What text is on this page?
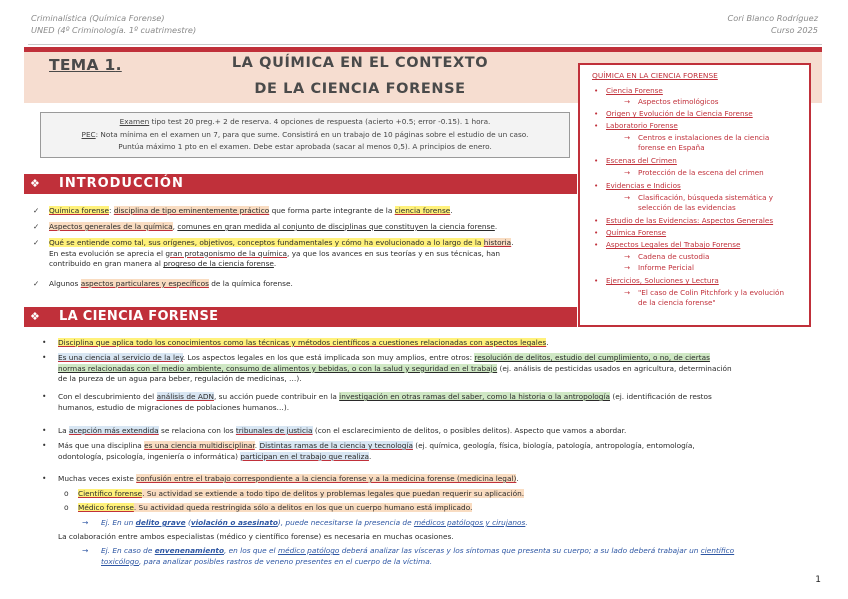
Criminalística (Química Forense)
UNED (4º Criminología. 1º cuatrimestre)
Cori Blanco Rodríguez
Curso 2025
TEMA 1.	LA QUÍMICA EN EL CONTEXTO
DE LA CIENCIA FORENSE
Examen tipo test 20 preg.+ 2 de reserva. 4 opciones de respuesta (acierto +0.5; error -0.15). 1 hora.
PEC: Nota mínima en el examen un 7, para que sume. Consistirá en un trabajo de 10 páginas sobre el estudio de un caso.
Puntúa máximo 1 pto en el examen. Debe estar aprobada (sacar al menos 0,5). A principios de enero.
❖ INTRODUCCIÓN
✓ Química forense: disciplina de tipo eminentemente práctico que forma parte integrante de la ciencia forense.
✓ Aspectos generales de la química, comunes en gran medida al conjunto de disciplinas que constituyen la ciencia forense.
✓ Qué se entiende como tal, sus orígenes, objetivos, conceptos fundamentales y cómo ha evolucionado a lo largo de la historia.
En esta evolución se aprecia el gran protagonismo de la química, ya que los avances en sus teorías y en sus técnicas, han
contribuido en gran manera al progreso de la ciencia forense.
✓ Algunos aspectos particulares y específicos de la química forense.
❖ LA CIENCIA FORENSE
• Disciplina que aplica todo los conocimientos como las técnicas y métodos científicos a cuestiones relacionadas con aspectos legales.
• Es una ciencia al servicio de la ley. Los aspectos legales en los que está implicada son muy amplios, entre otros: resolución de delitos, estudio del cumplimiento, o no, de ciertas
normas relacionadas con el medio ambiente, consumo de alimentos y bebidas, o con la salud y seguridad en el trabajo (ej. análisis de pesticidas usados en agricultura, determinación
de la pureza de un agua para beber, regulación de medicinas, …).
• Con el descubrimiento del análisis de ADN, su acción puede contribuir en la investigación en otras ramas del saber, como la historia o la antropología (ej. identificación de restos
humanos, estudio de migraciones de poblaciones humanos…).
• La acepción más extendida se relaciona con los tribunales de justicia (con el esclarecimiento de delitos, o posibles delitos). Aspecto que vamos a abordar.
• Más que una disciplina es una ciencia multidisciplinar. Distintas ramas de la ciencia y tecnología (ej. química, geología, física, biología, patología, antropología, entomología,
odontología, psicología, ingeniería o informática) participan en el trabajo que realiza.
• Muchas veces existe confusión entre el trabajo correspondiente a la ciencia forense y a la medicina forense (medicina legal).
o Científico forense. Su actividad se extiende a todo tipo de delitos y problemas legales que puedan requerir su aplicación.
o Médico forense. Su actividad queda restringida sólo a delitos en los que un cuerpo humano está implicado.
→ Ej. En un delito grave (violación o asesinato), puede necesitarse la presencia de médicos patólogos y cirujanos.
La colaboración entre ambos especialistas (médico y científico forense) es necesaria en muchas ocasiones.
→ Ej. En caso de envenenamiento, en los que el médico patólogo deberá analizar las vísceras y los síntomas que presenta su cuerpo; a su lado deberá trabajar un científico
toxicólogo, para analizar posibles rastros de veneno presentes en el cuerpo de la víctima.
QUÍMICA EN LA CIENCIA FORENSE
• Ciencia Forense
→ Aspectos etimológicos
• Origen y Evolución de la Ciencia Forense
• Laboratorio Forense
→ Centros e instalaciones de la ciencia
forense en España
• Escenas del Crimen
→ Protección de la escena del crimen
• Evidencias e Indicios
→ Clasificación, búsqueda sistemática y
selección de las evidencias
• Estudio de las Evidencias: Aspectos Generales
• Química Forense
• Aspectos Legales del Trabajo Forense
→ Cadena de custodia
→ Informe Pericial
• Ejercicios, Soluciones y Lectura
→ "El caso de Colin Pitchfork y la evolución
de la ciencia forense"
1
